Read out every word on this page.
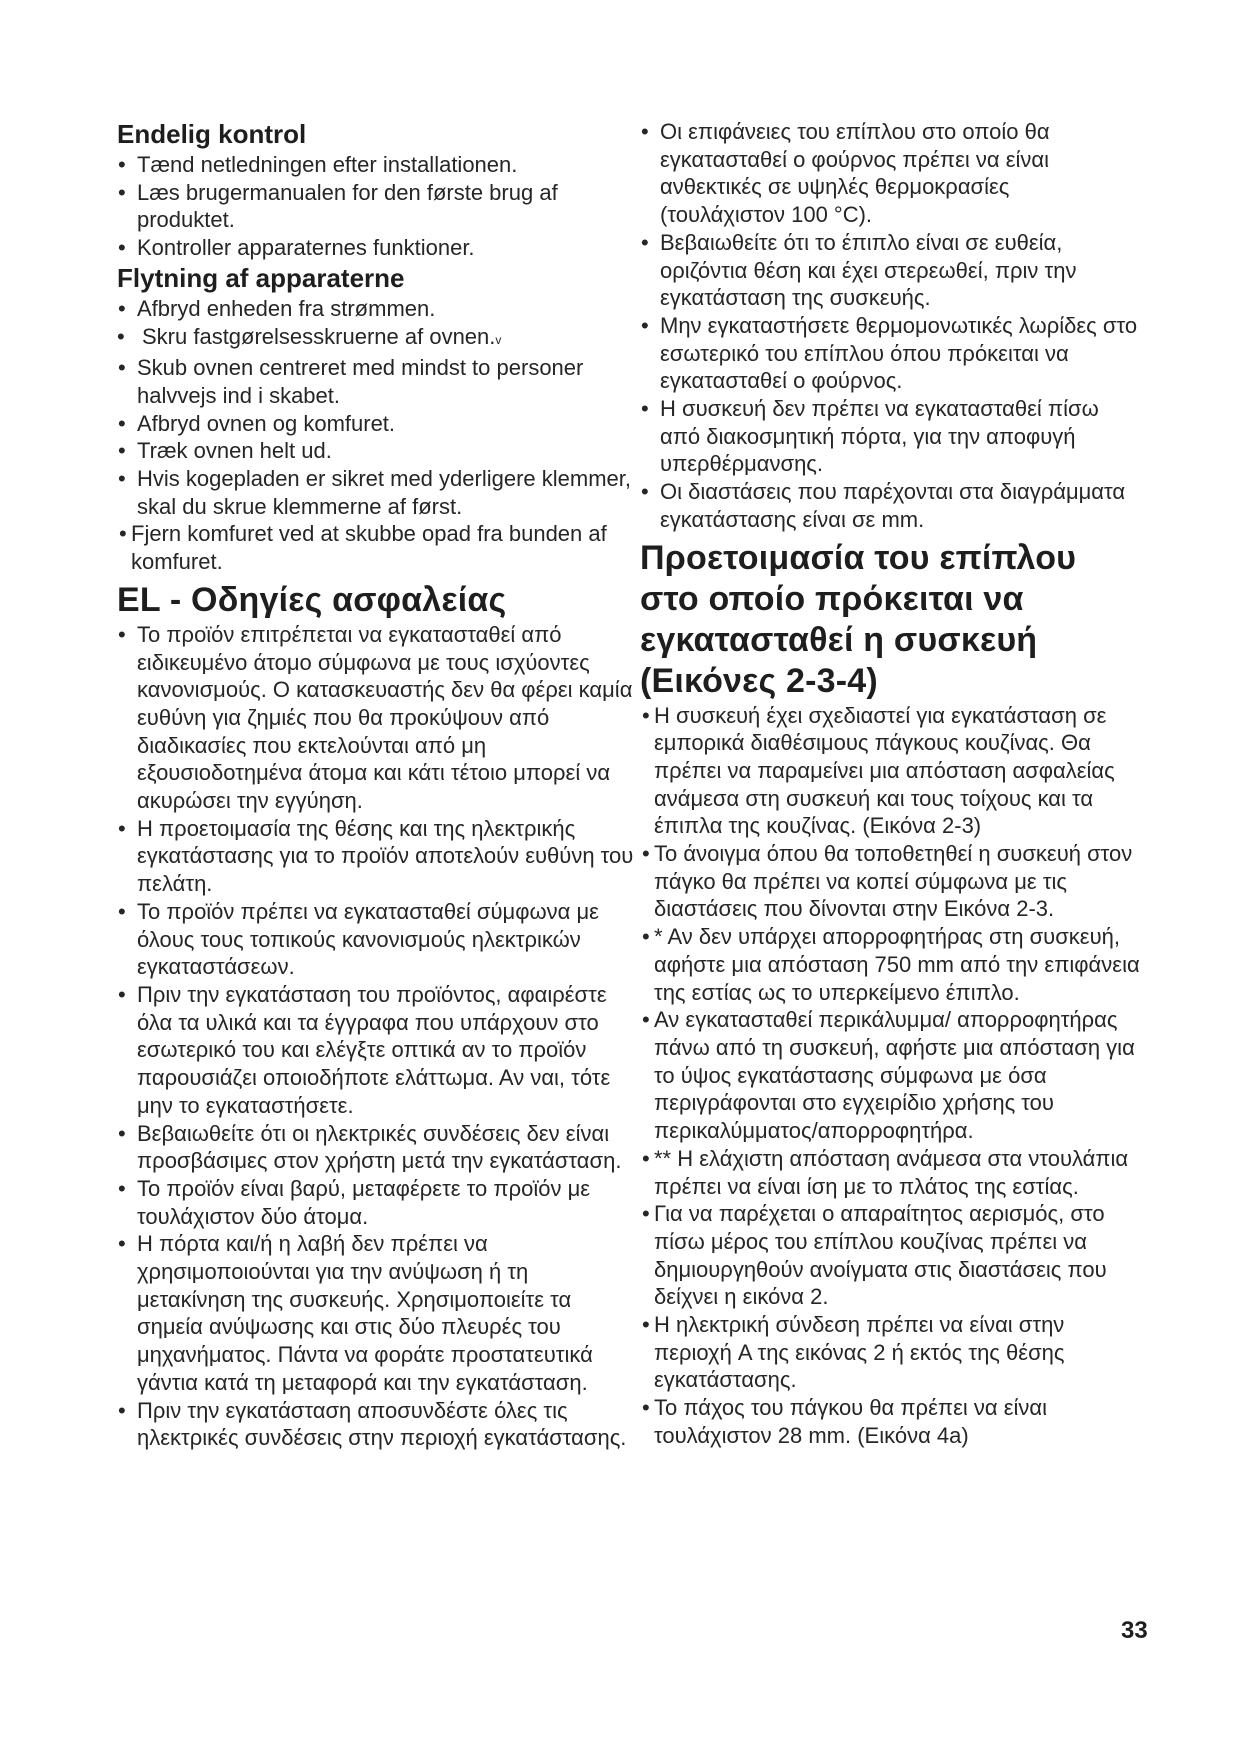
Endelig kontrol
• Tænd netledningen efter installationen.
• Læs brugermanualen for den første brug af produktet.
• Kontroller apparaternes funktioner.
Flytning af apparaterne
• Afbryd enheden fra strømmen.
• Skru fastgørelsesskruerne af ovnen.v
• Skub ovnen centreret med mindst to personer halvvejs ind i skabet.
• Afbryd ovnen og komfuret.
• Træk ovnen helt ud.
• Hvis kogepladen er sikret med yderligere klemmer, skal du skrue klemmerne af først.
• Fjern komfuret ved at skubbe opad fra bunden af komfuret.
EL - Οδηγίες ασφαλείας
• Το προϊόν επιτρέπεται να εγκατασταθεί από ειδικευμένο άτομο σύμφωνα με τους ισχύοντες κανονισμούς. Ο κατασκευαστής δεν θα φέρει καμία ευθύνη για ζημιές που θα προκύψουν από διαδικασίες που εκτελούνται από μη εξουσιοδοτημένα άτομα και κάτι τέτοιο μπορεί να ακυρώσει την εγγύηση.
• Η προετοιμασία της θέσης και της ηλεκτρικής εγκατάστασης για το προϊόν αποτελούν ευθύνη του πελάτη.
• Το προϊόν πρέπει να εγκατασταθεί σύμφωνα με όλους τους τοπικούς κανονισμούς ηλεκτρικών εγκαταστάσεων.
• Πριν την εγκατάσταση του προϊόντος, αφαιρέστε όλα τα υλικά και τα έγγραφα που υπάρχουν στο εσωτερικό του και ελέγξτε οπτικά αν το προϊόν παρουσιάζει οποιοδήποτε ελάττωμα. Αν ναι, τότε μην το εγκαταστήσετε.
• Βεβαιωθείτε ότι οι ηλεκτρικές συνδέσεις δεν είναι προσβάσιμες στον χρήστη μετά την εγκατάσταση.
• Το προϊόν είναι βαρύ, μεταφέρετε το προϊόν με τουλάχιστον δύο άτομα.
• Η πόρτα και/ή η λαβή δεν πρέπει να χρησιμοποιούνται για την ανύψωση ή τη μετακίνηση της συσκευής. Χρησιμοποιείτε τα σημεία ανύψωσης και στις δύο πλευρές του μηχανήματος. Πάντα να φοράτε προστατευτικά γάντια κατά τη μεταφορά και την εγκατάσταση.
• Πριν την εγκατάσταση αποσυνδέστε όλες τις ηλεκτρικές συνδέσεις στην περιοχή εγκατάστασης.
• Οι επιφάνειες του επίπλου στο οποίο θα εγκατασταθεί ο φούρνος πρέπει να είναι ανθεκτικές σε υψηλές θερμοκρασίες (τουλάχιστον 100 °C).
• Βεβαιωθείτε ότι το έπιπλο είναι σε ευθεία, οριζόντια θέση και έχει στερεωθεί, πριν την εγκατάσταση της συσκευής.
• Μην εγκαταστήσετε θερμομονωτικές λωρίδες στο εσωτερικό του επίπλου όπου πρόκειται να εγκατασταθεί ο φούρνος.
• Η συσκευή δεν πρέπει να εγκατασταθεί πίσω από διακοσμητική πόρτα, για την αποφυγή υπερθέρμανσης.
• Οι διαστάσεις που παρέχονται στα διαγράμματα εγκατάστασης είναι σε mm.
Προετοιμασία του επίπλου στο οποίο πρόκειται να εγκατασταθεί η συσκευή (Εικόνες 2-3-4)
• Η συσκευή έχει σχεδιαστεί για εγκατάσταση σε εμπορικά διαθέσιμους πάγκους κουζίνας. Θα πρέπει να παραμείνει μια απόσταση ασφαλείας ανάμεσα στη συσκευή και τους τοίχους και τα έπιπλα της κουζίνας. (Εικόνα 2-3)
• Το άνοιγμα όπου θα τοποθετηθεί η συσκευή στον πάγκο θα πρέπει να κοπεί σύμφωνα με τις διαστάσεις που δίνονται στην Εικόνα 2-3.
• * Αν δεν υπάρχει απορροφητήρας στη συσκευή, αφήστε μια απόσταση 750 mm από την επιφάνεια της εστίας ως το υπερκείμενο έπιπλο.
• Αν εγκατασταθεί περικάλυμμα/ απορροφητήρας πάνω από τη συσκευή, αφήστε μια απόσταση για το ύψος εγκατάστασης σύμφωνα με όσα περιγράφονται στο εγχειρίδιο χρήσης του περικαλύμματος/απορροφητήρα.
• ** Η ελάχιστη απόσταση ανάμεσα στα ντουλάπια πρέπει να είναι ίση με το πλάτος της εστίας.
• Για να παρέχεται ο απαραίτητος αερισμός, στο πίσω μέρος του επίπλου κουζίνας πρέπει να δημιουργηθούν ανοίγματα στις διαστάσεις που δείχνει η εικόνα 2.
• Η ηλεκτρική σύνδεση πρέπει να είναι στην περιοχή A της εικόνας 2 ή εκτός της θέσης εγκατάστασης.
• Το πάχος του πάγκου θα πρέπει να είναι τουλάχιστον 28 mm. (Εικόνα 4a)
33
